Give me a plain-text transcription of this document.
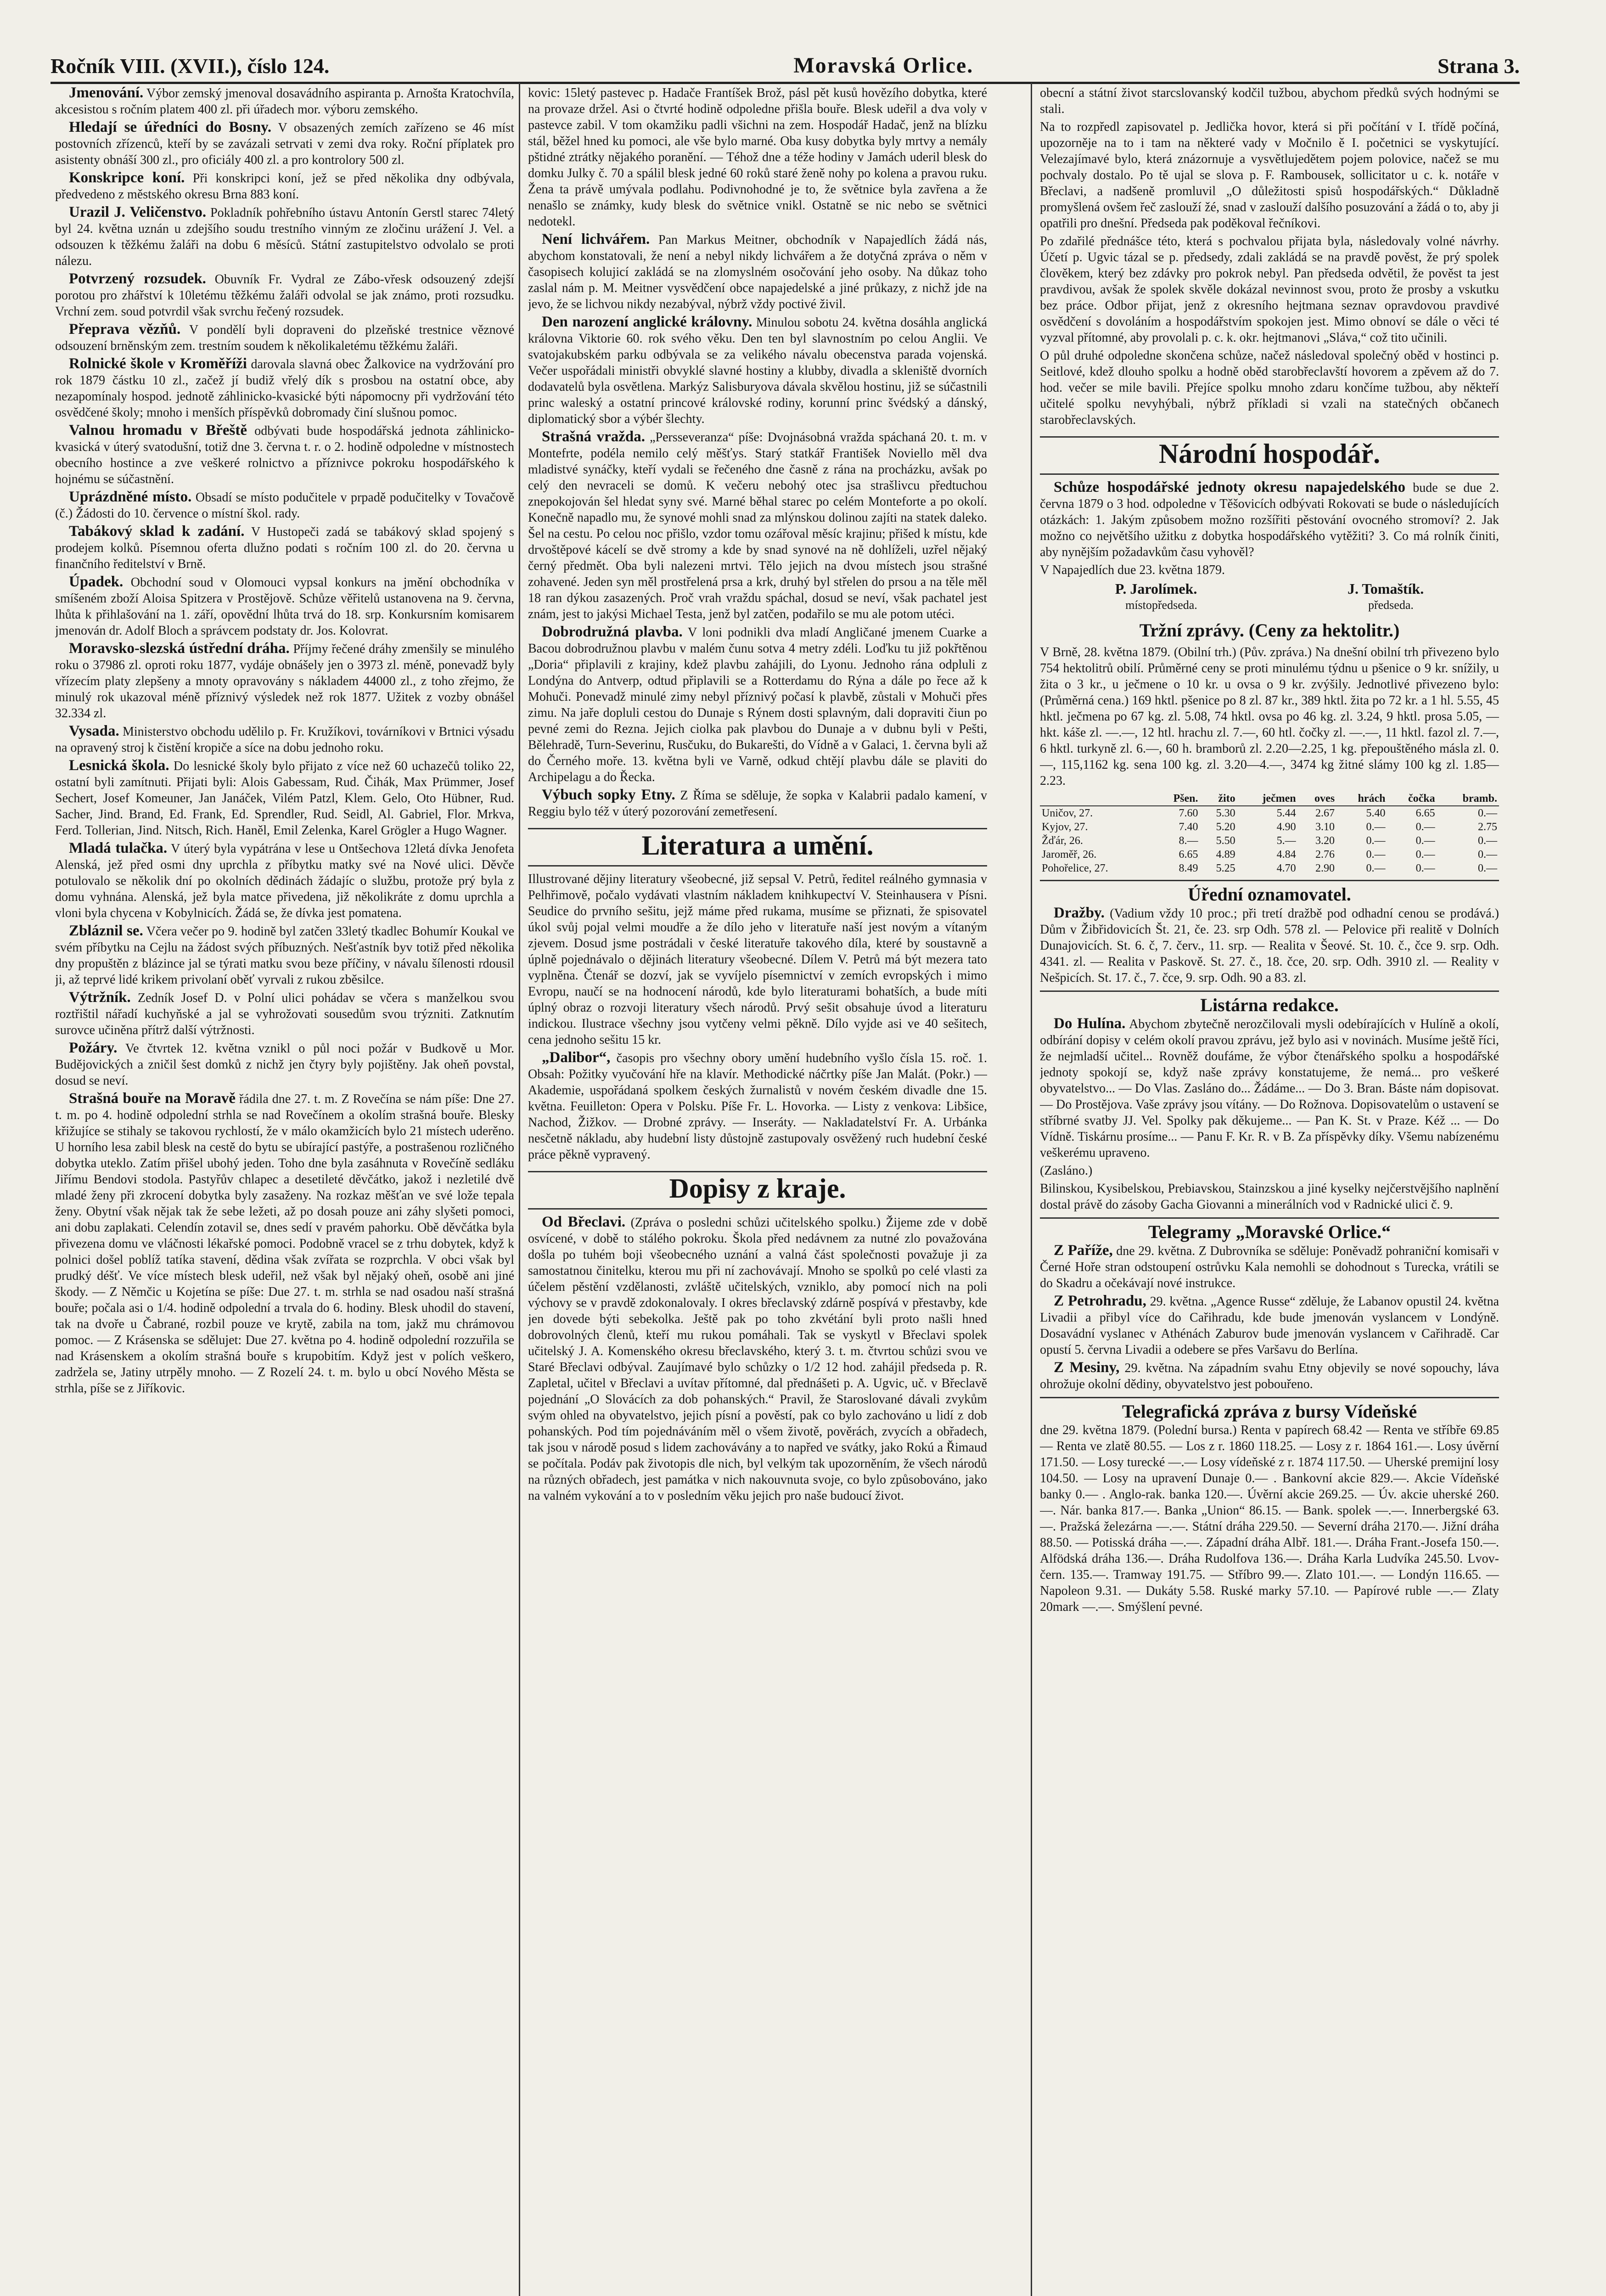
Ročník VIII. (XVII.), číslo 124.	Moravská Orlice.	Strana 3.

Jmenování. Výbor zemský jmenoval dosavádního aspiranta p. Arnošta Kratochvíla, akcesistou s ročním platem 400 zl. při úřadech mor. výboru zemského.

Hledají se úředníci do Bosny. V obsazených zemích zařízeno se 46 míst postovních zřízenců, kteří by se zavázali setrvati v zemi dva roky. Roční příplatek pro asistenty obnáší 300 zl., pro oficiály 400 zl. a pro kontrolory 500 zl.

Konskripce koní. Při konskripci koní, jež se před několika dny odbývala, předvedeno z městského okresu Brna 883 koní.

Urazil J. Veličenstvo. Pokladník pohřebního ústavu Antonín Gerstl starec 74letý byl 24. května uznán u zdejšího soudu trestního vinným ze zločinu urážení J. Vel. a odsouzen k těžkému žaláři na dobu 6 měsíců. Státní zastupitelstvo odvolalo se proti nálezu.

Potvrzený rozsudek. Obuvník Fr. Vydral ze Zábo-vřesk odsouzený zdejší porotou pro zhářství k 10letému těžkému žaláři odvolal se jak známo, proti rozsudku. Vrchní zem. soud potvrdil však svrchu řečený rozsudek.

Přeprava vězňů. V pondělí byli dopraveni do plzeňské trestnice věznové odsouzení brněnským zem. trestním soudem k několikaletému těžkému žaláři.

Rolnické škole v Kroměříži darovala slavná obec Žalkovice na vydržování pro rok 1879 částku 10 zl., začež jí budiž vřelý dík s prosbou na ostatní obce, aby nezapomínaly hospod. jednotě záhlinicko-kvasické býti nápomocny při vydržování této osvědčené školy; mnoho i menších příspěvků dobromady činí slušnou pomoc.

Valnou hromadu v Břeště odbývati bude hospodářská jednota záhlinicko-kvasická v úterý svatodušní, totiž dne 3. června t. r. o 2. hodině odpoledne v místnostech obecního hostince a zve veškeré rolnictvo a příznivce pokroku hospodářského k hojnému se súčastnění.

Uprázdněné místo. Obsadí se místo podučitele v prpadě podučitelky v Tovačově (č.) Žádosti do 10. července o místní škol. rady.

Tabákový sklad k zadání. V Hustopeči zadá se tabákový sklad spojený s prodejem kolků. Písemnou oferta dlužno podati s ročním 100 zl. do 20. června u finančního ředitelství v Brně.

Úpadek. Obchodní soud v Olomouci vypsal konkurs na jmění obchodníka v smíšeném zboží Aloisa Spitzera v Prostějově. Schůze věřitelů ustanovena na 9. června, lhůta k přihlašování na 1. září, opovědní lhůta trvá do 18. srp. Konkursním komisarem jmenován dr. Adolf Bloch a správcem podstaty dr. Jos. Kolovrat.

Moravsko-slezská ústřední dráha. Příjmy řečené dráhy zmenšily se minulého roku o 37986 zl. oproti roku 1877, vydáje obnášely jen o 3973 zl. méně, ponevadž byly vřízecím platy zlepšeny a mnoty opravovány s nákladem 44000 zl., z toho zřejmo, že minulý rok ukazoval méně příznivý výsledek než rok 1877. Užitek z vozby obnášel 32.334 zl.

Vysada. Ministerstvo obchodu udělilo p. Fr. Kružíkovi, továrníkovi v Brtnici výsadu na opravený stroj k čistění kropiče a síce na dobu jednoho roku.

Lesnická škola. Do lesnické školy bylo přijato z více než 60 uchazečů toliko 22, ostatní byli zamítnuti. Přijati byli: Alois Gabessam, Rud. Čihák, Max Prümmer, Josef Sechert, Josef Komeuner, Jan Janáček, Vilém Patzl, Klem. Gelo, Oto Hübner, Rud. Sacher, Jind. Brand, Ed. Frank, Ed. Sprendler, Rud. Seidl, Al. Gabriel, Flor. Mrkva, Ferd. Tollerian, Jind. Nitsch, Rich. Haněl, Emil Zelenka, Karel Grögler a Hugo Wagner.

Mladá tulačka. V úterý byla vypátrána v lese u Ontšechova 12letá dívka Jenofeta Alenská, jež před osmi dny uprchla z příbytku matky své na Nové ulici. Děvče potulovalo se několik dní po okolních dědinách žádajíc o službu, protože prý byla z domu vyhnána. Alenská, jež byla matce přivedena, již několikráte z domu uprchla a vloni byla chycena v Kobylnicích. Žádá se, že dívka jest pomatena.

Zbláznil se. Včera večer po 9. hodině byl zatčen 33letý tkadlec Bohumír Koukal ve svém příbytku na Cejlu na žádost svých příbuzných. Nešťastník byv totiž před několika dny propuštěn z blázince jal se týrati matku svou beze příčiny, v návalu šílenosti rdousil ji, až teprvé lidé krikem privolaní oběť vyrvali z rukou zběsilce.

Výtržník. Zedník Josef D. v Polní ulici pohádav se včera s manželkou svou roztřištil nářadí kuchyňské a jal se vyhrožovati sousedům svou trýzniti. Zatknutím surovce učiněna přítrž další výtržnosti.

Požáry. Ve čtvrtek 12. května vznikl o půl noci požár v Budkově u Mor. Budějovických a zničil šest domků z nichž jen čtyry byly pojištěny. Jak oheň povstal, dosud se neví.

Strašná bouře na Moravě řádila dne 27. t. m. Z Rovečína se nám píše: Dne 27. t. m. po 4. hodině odpolední strhla se nad Rovečínem a okolím strašná bouře. Blesky křižujíce se stihaly se takovou rychlostí, že v málo okamžicích bylo 21 místech uderěno. U horního lesa zabil blesk na cestě do bytu se ubírající pastýře, a postrašenou rozličného dobytka uteklo. Zatím přišel ubohý jeden. Toho dne byla zasáhnuta v Rovečíně sedláku Jiřímu Bendovi stodola. Pastyřův chlapec a desetileté děvčátko, jakož i nezletilé dvě mladé ženy při zkrocení dobytka byly zasaženy. Na rozkaz měšťan ve své lože tepala ženy. Obytní však nějak tak že sebe ležeti, až po dosah pouze ani záhy slyšeti pomoci, ani dobu zaplakati. Celendín zotavil se, dnes sedí v pravém pahorku. Obě děvčátka byla přivezena domu ve vláčnosti lékařské pomoci. Podobně vracel se z trhu dobytek, když k polnici došel poblíž tatíka stavení, dědina však zvířata se rozprchla. V obci však byl prudký déšť. Ve více místech blesk udeřil, než však byl nějaký oheň, osobě ani jiné škody. — Z Němčic u Kojetína se píše: Due 27. t. m. strhla se nad osadou naší strašná bouře; počala asi o 1/4. hodině odpolední a trvala do 6. hodiny. Blesk uhodil do stavení, tak na dvoře u Čabrané, rozbil pouze ve krytě, zabila na tom, jakž mu chrámovou pomoc. — Z Krásenska se sdělujet: Due 27. května po 4. hodině odpolední rozzuřila se nad Krásenskem a okolím strašná bouře s krupobitím. Když jest v polích veškero, zadržela se, Jatiny utrpěly mnoho. — Z Rozelí 24. t. m. bylo u obcí Nového Města se strhla, píše se z Jiříkovic.

kovic: 15letý pastevec p. Hadače Frantíšek Brož, pásl pět kusů hovězího dobytka, které na provaze držel. Asi o čtvrté hodině odpoledne přišla bouře. Blesk udeřil a dva voly v pastevce zabil. V tom okamžiku padli všichni na zem. Hospodář Hadač, jenž na blízku stál, běžel hned ku pomoci, ale vše bylo marné. Oba kusy dobytka byly mrtvy a nemály pštidné ztrátky nějakého poranění. — Téhož dne a téže hodiny v Jamách uderil blesk do domku Julky č. 70 a spálil blesk jedné 60 roků staré ženě nohy po kolena a pravou ruku. Žena ta právě umývala podlahu. Podivnohodné je to, že světnice byla zavřena a že nenašlo se známky, kudy blesk do světnice vnikl. Ostatně se nic nebo se světnici nedotekl.

Není lichvářem. Pan Markus Meitner, obchodník v Napajedlích žádá nás, abychom konstatovali, že není a nebyl nikdy lichvářem a že dotyčná zpráva o něm v časopisech kolujicí zakládá se na zlomyslném osočování jeho osoby. Na důkaz toho zaslal nám p. M. Meitner vysvědčení obce napajedelské a jiné průkazy, z nichž jde na jevo, že se lichvou nikdy nezabýval, nýbrž vždy poctivé živil.

Den narození anglické královny. Minulou sobotu 24. května dosáhla anglická královna Viktorie 60. rok svého věku. Den ten byl slavnostním po celou Anglii. Ve svatojakubském parku odbývala se za velikého návalu obecenstva parada vojenská. Večer uspořádali ministři obvyklé slavné hostiny a klubby, divadla a skleniště dvorních dodavatelů byla osvětlena. Markýz Salisburyova dávala skvělou hostinu, již se súčastnili princ waleský a ostatní princové královské rodiny, korunní princ švédský a dánský, diplomatický sbor a výbér šlechty.

Strašná vražda. „Persseveranza“ píše: Dvojnásobná vražda spáchaná 20. t. m. v Montefrte, podéla nemilo celý měšťys. Starý statkář František Noviello měl dva mladistvé synáčky, kteří vydali se řečeného dne časně z rána na procházku, avšak po celý den nevraceli se domů. K večeru nebohý otec jsa strašlivcu předtuchou znepokojován šel hledat syny své. Marné běhal starec po celém Monteforte a po okolí. Konečně napadlo mu, že synové mohli snad za mlýnskou dolinou zajíti na statek daleko. Šel na cestu. Po celou noc přišlo, vzdor tomu ozářoval měsíc krajinu; přišed k místu, kde drvoštěpové kácelí se dvě stromy a kde by snad synové na ně dohlíželi, uzřel nějaký černý předmět. Oba byli nalezeni mrtvi. Tělo jejich na dvou místech jsou strašné zohavené. Jeden syn měl prostřelená prsa a krk, druhý byl střelen do prsou a na těle měl 18 ran dýkou zasazených. Proč vrah vraždu spáchal, dosud se neví, však pachatel jest znám, jest to jakýsi Michael Testa, jenž byl zatčen, podařilo se mu ale potom utéci.

Dobrodružná plavba. V loni podnikli dva mladí Angličané jmenem Cuarke a Bacou dobrodružnou plavbu v malém čunu sotva 4 metry zdéli. Loďku tu již pokřtěnou „Doria“ připlavili z krajiny, kdež plavbu zahájili, do Lyonu. Jednoho rána odpluli z Londýna do Antverp, odtud připlavili se a Rotterdamu do Rýna a dále po řece až k Mohuči. Ponevadž minulé zimy nebyl příznivý počasí k plavbě, zůstali v Mohuči přes zimu. Na jaře dopluli cestou do Dunaje s Rýnem dosti splavným, dali dopraviti čiun po pevné zemi do Rezna. Jejich ciolka pak plavbou do Dunaje a v dubnu byli v Pešti, Bělehradě, Turn-Severinu, Rusčuku, do Bukarešti, do Vídně a v Galaci, 1. června byli až do Černého moře. 13. května byli ve Varně, odkud chtějí plavbu dále se plaviti do Archipelagu a do Řecka.

Výbuch sopky Etny. Z Říma se sděluje, že sopka v Kalabrii padalo kamení, v Reggiu bylo též v úterý pozorování zemetřesení.

Literatura a umění.

Illustrované dějiny literatury všeobecné, již sepsal V. Petrů, ředitel reálného gymnasia v Pelhřimově, počalo vydávati vlastním nákladem knihkupectví V. Steinhausera v Písni. Seudice do prvního sešitu, jejž máme před rukama, musíme se přiznati, že spisovatel úkol svůj pojal velmi moudře a že dílo jeho v literatuře naší jest novým a vítaným zjevem. Dosud jsme postrádali v české literatuře takového díla, které by soustavně a úplně pojednávalo o dějinách literatury všeobecné. Dílem V. Petrů má být mezera tato vyplněna. Čtenář se dozví, jak se vyvíjelo písemnictví v zemích evropských i mimo Evropu, naučí se na hodnocení národů, kde bylo literaturami bohatších, a bude míti úplný obraz o rozvoji literatury všech národů. Prvý sešit obsahuje úvod a literaturu indickou. Ilustrace všechny jsou vytčeny velmi pěkně. Dílo vyjde asi ve 40 sešitech, cena jednoho sešitu 15 kr.

„Dalibor“, časopis pro všechny obory umění hudebního vyšlo čísla 15. roč. 1. Obsah: Požitky vyučování hře na klavír. Methodické náčrtky píše Jan Malát. (Pokr.) — Akademie, uspořádaná spolkem českých žurnalistů v novém českém divadle dne 15. května. Feuilleton: Opera v Polsku. Píše Fr. L. Hovorka. — Listy z venkova: Libšice, Nachod, Žižkov. — Drobné zprávy. — Inseráty. — Nakladatelství Fr. A. Urbánka nesčetně nákladu, aby hudební listy důstojně zastupovaly osvěžený ruch hudební české práce pěkně vypravený.

Dopisy z kraje.

Od Břeclavi. (Zpráva o posledni schůzi učitelského spolku.) Žijeme zde v době osvícené, v době to stálého pokroku. Škola před nedávnem za nutné zlo považována došla po tuhém boji všeobecného uznání a valná část společnosti považuje ji za samostatnou činitelku, kterou mu při ní zachovávají. Mnoho se spolků po celé vlasti za účelem pěstění vzdělanosti, zvláště učitelských, vzniklo, aby pomocí nich na poli výchovy se v pravdě zdokonalovaly. I okres břeclavský zdárně pospívá v přestavby, kde jen dovede býti sebekolka. Ještě pak po toho zkvétání byli proto našli hned dobrovolných členů, kteří mu rukou pomáhali. Tak se vyskytl v Břeclavi spolek učitelský J. A. Komenského okresu břeclavského, který 3. t. m. čtvrtou schůzi svou ve Staré Břeclavi odbýval. Zaujímavé bylo schůzky o 1/2 12 hod. zahájil předseda p. R. Zapletal, učitel v Břeclavi a uvítav přítomné, dal přednášeti p. A. Ugvic, uč. v Břeclavě pojednání „O Slovácích za dob pohanských.“ Pravil, že Staroslované dávali zvykům svým ohled na obyvatelstvo, jejich písní a pověstí, pak co bylo zachováno u lidí z dob pohanských. Pod tím pojednáváním měl o všem životě, pověrách, zvycích a obřadech, tak jsou v národě posud s lidem zachovávány a to napřed ve svátky, jako Rokú a Řimaud se počítala. Podáv pak životopis dle nich, byl velkým tak upozorněním, že všech národů na různých obřadech, jest památka v nich nakouvnuta svoje, co bylo způsobováno, jako na valném vykování a to v posledním věku jejich pro naše budoucí život.

obecní a státní život starcslovanský kodčil tužbou, abychom předků svých hodnými se stali.

Na to rozpředl zapisovatel p. Jedlička hovor, která si při počítání v I. třídě počíná, upozorněje na to i tam na některé vady v Močnilo ě I. početnici se vyskytující. Velezajímavé bylo, která znázornuje a vysvětlujedětem pojem polovice, načež se mu pochvaly dostalo. Po tě ujal se slova p. F. Rambousek, sollicitator u c. k. notáře v Břeclavi, a nadšeně promluvil „O důležitosti spisů hospodářských.“ Důkladně promyšlená ovšem řeč zaslouží žé, snad v zaslouží dalšího posuzování a žádá o to, aby ji opatřili pro dnešní. Předseda pak poděkoval řečníkovi.

Po zdařilé přednášce této, která s pochvalou přijata byla, následovaly volné návrhy. Účetí p. Ugvic tázal se p. předsedy, zdali zakládá se na pravdě pověst, že prý spolek člověkem, který bez zdávky pro pokrok nebyl. Pan předseda odvětil, že pověst ta jest pravdivou, avšak že spolek skvěle dokázal nevinnost svou, proto že prosby a vskutku bez práce. Odbor přijat, jenž z okresního hejtmana seznav opravdovou pravdivé osvědčení s dovoláním a hospodářstvím spokojen jest. Mimo obnoví se dále o věci té vyzval přítomné, aby provolali p. c. k. okr. hejtmanovi „Sláva,“ což tito učinili.

O půl druhé odpoledne skončena schůze, načež následoval společný oběd v hostinci p. Seitlové, kdež dlouho spolku a hodně oběd starobřeclavští hovorem a zpěvem až do 7. hod. večer se mile bavili. Přejíce spolku mnoho zdaru končíme tužbou, aby někteří učitelé spolku nevyhýbali, nýbrž příkladi si vzali na statečných občanech starobřeclavských.

Národní hospodář.

Schůze hospodářské jednoty okresu napajedelského bude se due 2. června 1879 o 3 hod. odpoledne v Těšovicích odbývati Rokovati se bude o následujících otázkách: 1. Jakým způsobem možno rozšířiti pěstování ovocného stromoví? 2. Jak možno co největšího užitku z dobytka hospodářského vytěžiti? 3. Co má rolník činiti, aby nynějším požadavkům času vyhověl?

V Napajedlích due 23. května 1879.

P. Jarolímek.	J. Tomaštík.
místopředseda.	předseda.
Tržní zprávy. (Ceny za hektolitr.)

V Brně, 28. května 1879. (Obilní trh.) (Pův. zpráva.) Na dnešní obilní trh přivezeno bylo 754 hektolitrů obilí. Průměrné ceny se proti minulému týdnu u pšenice o 9 kr. snížily, u žita o 3 kr., u ječmene o 10 kr. u ovsa o 9 kr. zvýšily. Jednotlivé přivezeno bylo: (Průměrná cena.) 169 hktl. pšenice po 8 zl. 87 kr., 389 hktl. žita po 72 kr. a 1 hl. 5.55, 45 hktl. ječmena po 67 kg. zl. 5.08, 74 hktl. ovsa po 46 kg. zl. 3.24, 9 hktl. prosa 5.05, — hkt. káše zl. —.—, 12 htl. hrachu zl. 7.—, 60 htl. čočky zl. —.—, 11 hktl. fazol zl. 7.—, 6 hktl. turkyně zl. 6.—, 60 h. bramborů zl. 2.20—2.25, 1 kg. přepouštěného másla zl. 0.—, 115,1162 kg. sena 100 kg. zl. 3.20—4.—, 3474 kg žitné slámy 100 kg zl. 1.85—2.23.

	Pšen.	žito	ječmen	oves	hrách	čočka	bramb.
Uničov, 27.	7.60	5.30	5.44	2.67	5.40	6.65	0.—
Kyjov, 27.	7.40	5.20	4.90	3.10	0.—	0.—	2.75
Žďár, 26.	8.—	5.50	5.—	3.20	0.—	0.—	0.—
Jaroměř, 26.	6.65	4.89	4.84	2.76	0.—	0.—	0.—
Pohořelice, 27.	8.49	5.25	4.70	2.90	0.—	0.—	0.—
Úřední oznamovatel.

Dražby. (Vadium vždy 10 proc.; při tretí dražbě pod odhadní cenou se prodává.) Dům v Žibřidovicích Št. 21, če. 23. srp Odh. 578 zl. — Pelovice při realitě v Dolních Dunajovicích. St. 6. č, 7. červ., 11. srp. — Realita v Šeové. St. 10. č., čce 9. srp. Odh. 4341. zl. — Realita v Paskově. St. 27. č., 18. čce, 20. srp. Odh. 3910 zl. — Reality v Nešpicích. St. 17. č., 7. čce, 9. srp. Odh. 90 a 83. zl.

Listárna redakce.

Do Hulína. Abychom zbytečně nerozčilovali mysli odebírajících v Hulíně a okolí, odbírání dopisy v celém okolí pravou zprávu, jež bylo asi v novinách. Musíme ještě říci, že nejmladší učitel... Rovněž doufáme, že výbor čtenářského spolku a hospodářské jednoty spokojí se, když naše zprávy konstatujeme, že nemá... pro veškeré obyvatelstvo... — Do Vlas. Zasláno do... Žádáme... — Do 3. Bran. Báste nám dopisovat. — Do Prostějova. Vaše zprávy jsou vítány. — Do Rožnova. Dopisovatelům o ustavení se stříbrné svatby JJ. Vel. Spolky pak děkujeme... — Pan K. St. v Praze. Kéž ... — Do Vídně. Tiskárnu prosíme... — Panu F. Kr. R. v B. Za příspěvky díky. Všemu nabízenému veškerému upraveno.

(Zasláno.)

Bilinskou, Kysibelskou, Prebiavskou, Stainzskou a jiné kyselky nejčerstvějšího naplnění dostal právě do zásoby Gacha Giovanni a minerálních vod v Radnické ulici č. 9.

Telegramy „Moravské Orlice.“

Z Paříže, dne 29. května. Z Dubrovníka se sděluje: Poněvadž pohraniční komisaři v Černé Hoře stran odstoupení ostrůvku Kala nemohli se dohodnout s Turecka, vrátili se do Skadru a očekávají nové instrukce.

Z Petrohradu, 29. května. „Agence Russe“ zděluje, že Labanov opustil 24. května Livadii a přibyl více do Cařihradu, kde bude jmenován vyslancem v Londýně. Dosavádní vyslanec v Athénách Zaburov bude jmenován vyslancem v Cařihradě. Car opustí 5. června Livadii a odebere se přes Varšavu do Berlína.

Z Mesiny, 29. května. Na západním svahu Etny objevily se nové sopouchy, láva ohrožuje okolní dědiny, obyvatelstvo jest pobouřeno.

Telegrafická zpráva z bursy Vídeňské

dne 29. května 1879. (Polední bursa.) Renta v papírech 68.42 — Renta ve stříbře 69.85 — Renta ve zlatě 80.55. — Los z r. 1860 118.25. — Losy z r. 1864 161.—. Losy úvěrní 171.50. — Losy turecké —.— Losy vídeňské z r. 1874 117.50. — Uherské premijní losy 104.50. — Losy na upravení Dunaje 0.— . Bankovní akcie 829.—. Akcie Vídeňské banky 0.— . Anglo-rak. banka 120.—. Úvěrní akcie 269.25. — Úv. akcie uherské 260.—. Nár. banka 817.—. Banka „Union“ 86.15. — Bank. spolek —.—. Innerbergské 63.—. Pražská železárna —.—. Státní dráha 229.50. — Severní dráha 2170.—. Jižní dráha 88.50. — Potisská dráha —.—. Západní dráha Albř. 181.—. Dráha Frant.-Josefa 150.—. Alfödská dráha 136.—. Dráha Rudolfova 136.—. Dráha Karla Ludvíka 245.50. Lvov-čern. 135.—. Tramway 191.75. — Stříbro 99.—. Zlato 101.—. — Londýn 116.65. — Napoleon 9.31. — Dukáty 5.58. Ruské marky 57.10. — Papírové ruble —.— Zlaty 20mark —.—. Smýšlení pevné.
